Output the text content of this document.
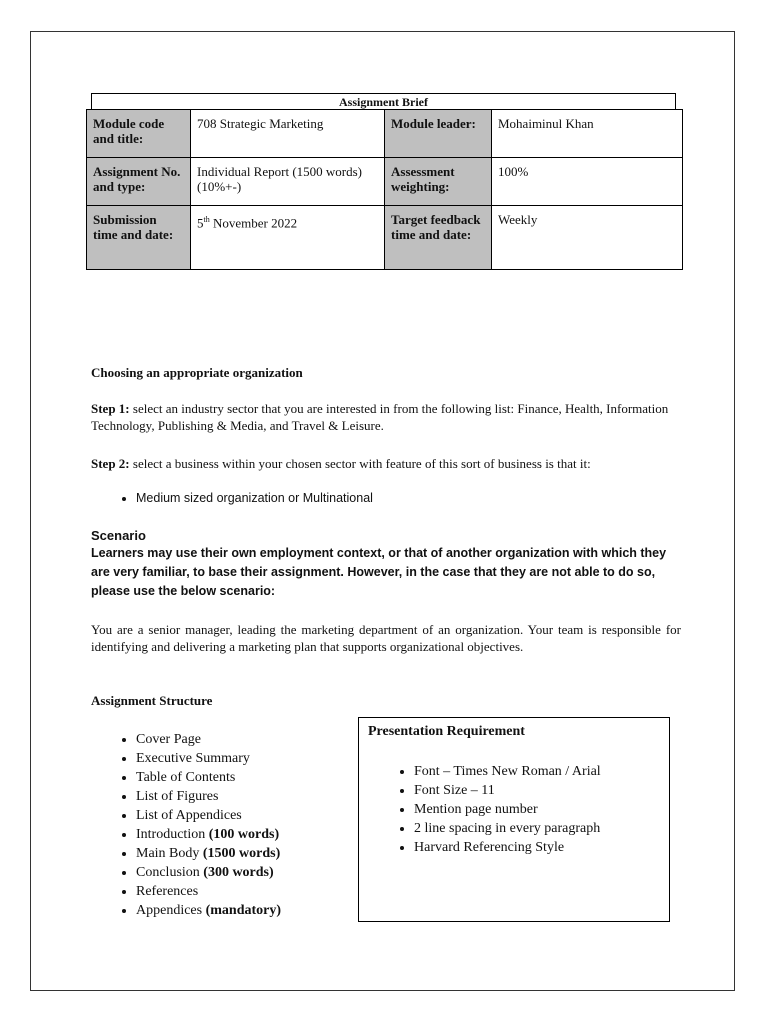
Assignment Brief
Module code and title:	708 Strategic Marketing	Module leader:	Mohaiminul Khan
Assignment No. and type:	Individual Report (1500 words) (10%+-)	Assessment weighting:	100%
Submission time and date:	5th November 2022	Target feedback time and date:	Weekly
Choosing an appropriate organization
Step 1: select an industry sector that you are interested in from the following list: Finance, Health, Information Technology, Publishing & Media, and Travel & Leisure.
Step 2: select a business within your chosen sector with feature of this sort of business is that it:
• Medium sized organization or Multinational
Scenario
Learners may use their own employment context, or that of another organization with which they are very familiar, to base their assignment. However, in the case that they are not able to do so, please use the below scenario:
You are a senior manager, leading the marketing department of an organization. Your team is responsible for identifying and delivering a marketing plan that supports organizational objectives.
Assignment Structure
• Cover Page
• Executive Summary
• Table of Contents
• List of Figures
• List of Appendices
• Introduction (100 words)
• Main Body (1500 words)
• Conclusion (300 words)
• References
• Appendices (mandatory)
Presentation Requirement
• Font – Times New Roman / Arial
• Font Size – 11
• Mention page number
• 2 line spacing in every paragraph
• Harvard Referencing Style
